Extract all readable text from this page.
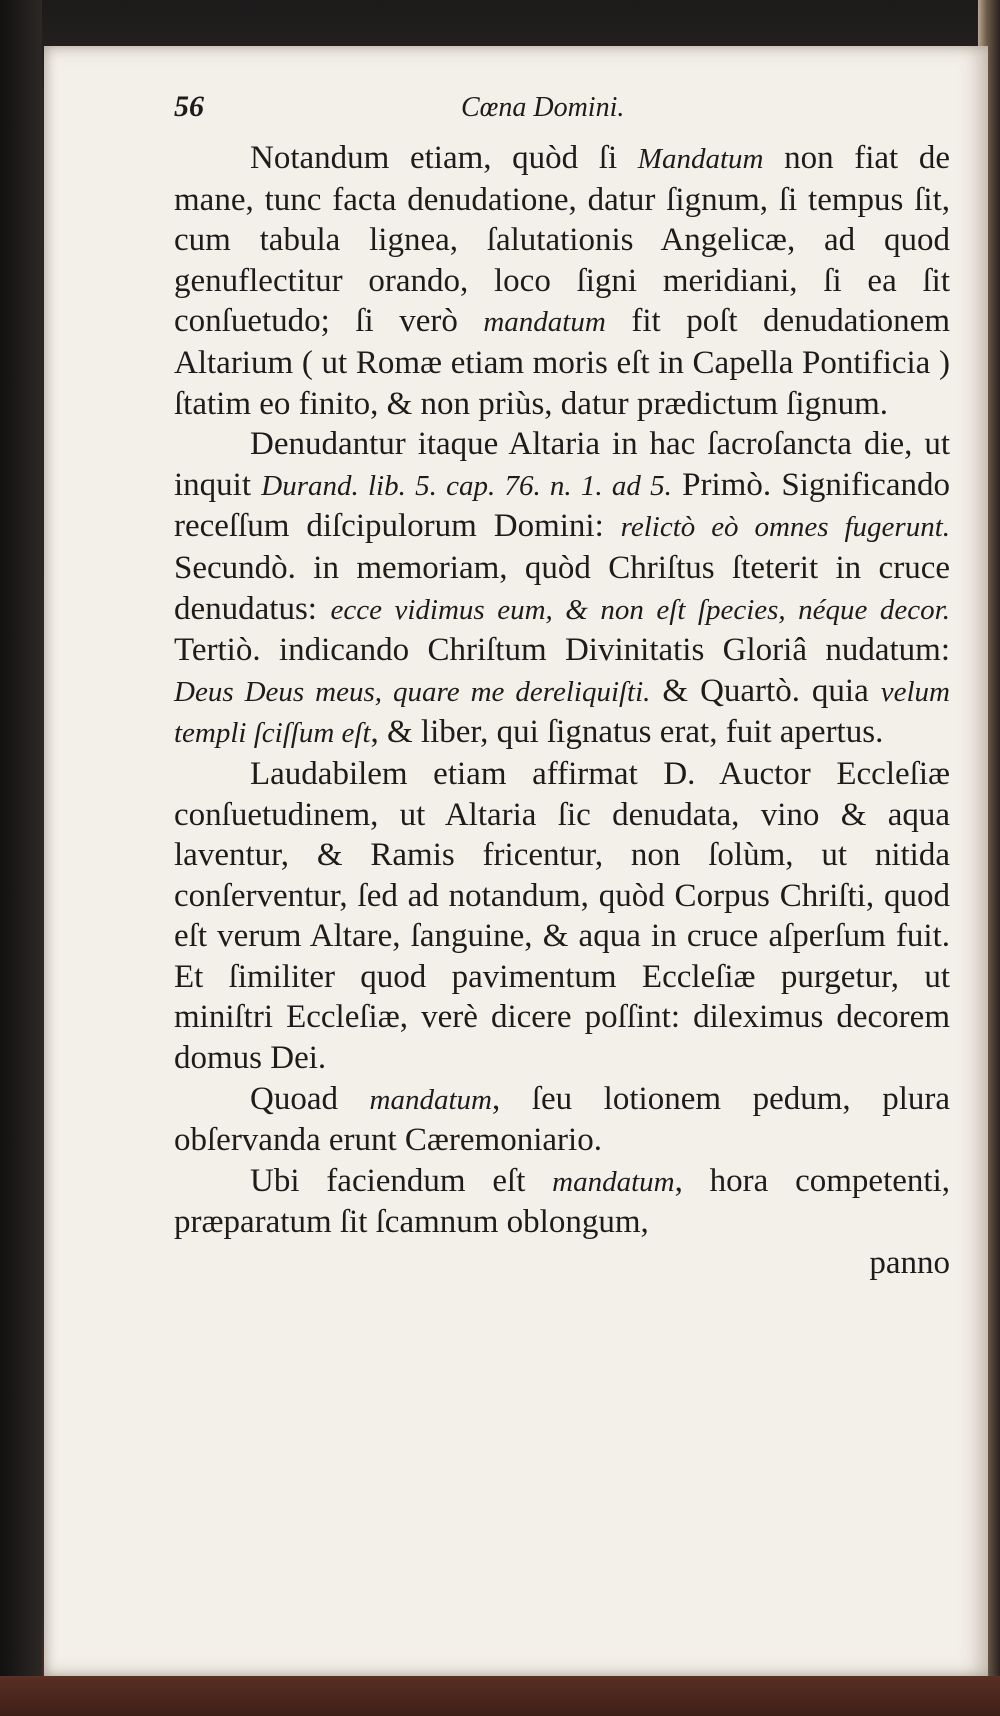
56	Cœna Domini.

Notandum etiam, quòd ſi Mandatum non fiat de mane, tunc facta denudatione, datur ſignum, ſi tempus ſit, cum tabula lignea, ſalutationis Angelicæ, ad quod genuflectitur orando, loco ſigni meridiani, ſi ea ſit conſuetudo; ſi verò mandatum fit poſt denudationem Altarium ( ut Romæ etiam moris eſt in Capella Pontificia ) ſtatim eo finito, & non priùs, datur prædictum ſignum.

Denudantur itaque Altaria in hac ſacroſancta die, ut inquit Durand. lib. 5. cap. 76. n. 1. ad 5. Primò. Significando receſſum diſcipulorum Domini: relictò eò omnes fugerunt. Secundò. in memoriam, quòd Chriſtus ſteterit in cruce denudatus: ecce vidimus eum, & non eſt ſpecies, néque decor. Tertiò. indicando Chriſtum Divinitatis Gloriâ nudatum: Deus Deus meus, quare me dereliquiſti. & Quartò. quia velum templi ſciſſum eſt, & liber, qui ſignatus erat, fuit apertus.

Laudabilem etiam affirmat D. Auctor Eccleſiæ conſuetudinem, ut Altaria ſic denudata, vino & aqua laventur, & Ramis fricentur, non ſolùm, ut nitida conſerventur, ſed ad notandum, quòd Corpus Chriſti, quod eſt verum Altare, ſanguine, & aqua in cruce aſperſum fuit. Et ſimiliter quod pavimentum Eccleſiæ purgetur, ut miniſtri Eccleſiæ, verè dicere poſſint: dileximus decorem domus Dei.

Quoad mandatum, ſeu lotionem pedum, plura obſervanda erunt Cæremoniario.

Ubi faciendum eſt mandatum, hora competenti, præparatum ſit ſcamnum oblongum,

panno
